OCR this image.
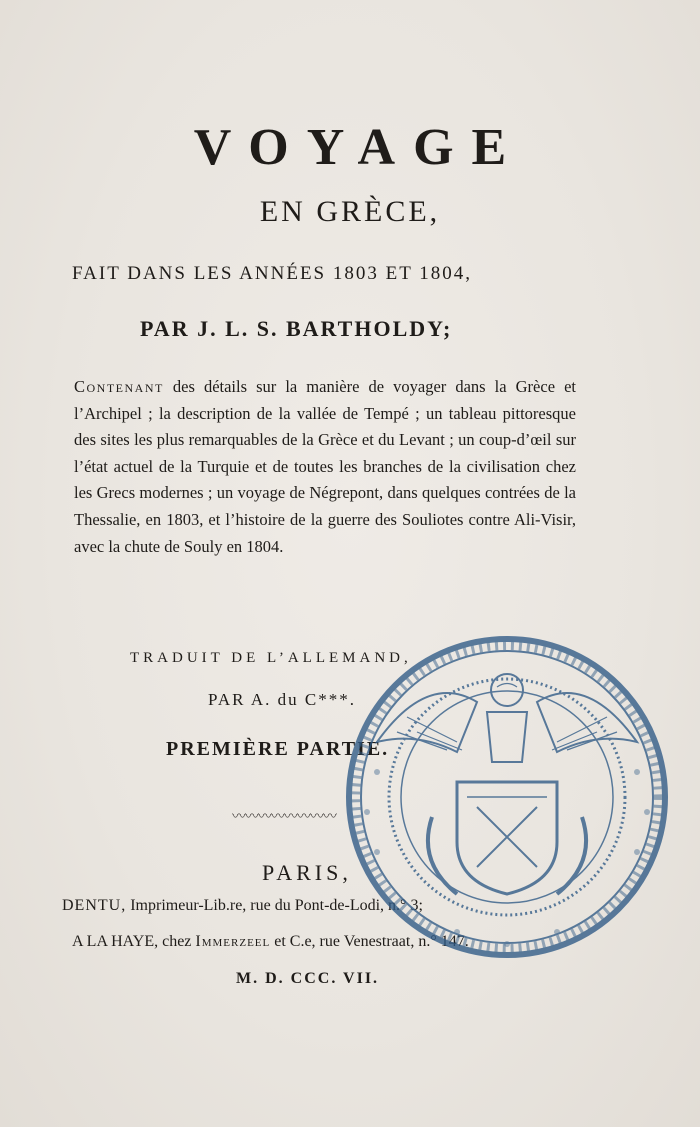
VOYAGE
EN GRÈCE,
FAIT DANS LES ANNÉES 1803 ET 1804,
PAR J. L. S. BARTHOLDY;
Contenant des détails sur la manière de voyager dans la Grèce et l’Archipel ; la description de la vallée de Tempé ; un tableau pittoresque des sites les plus remarquables de la Grèce et du Levant ; un coup-d’œil sur l’état actuel de la Turquie et de toutes les branches de la civilisation chez les Grecs modernes ; un voyage de Négrepont, dans quelques contrées de la Thessalie, en 1803, et l’histoire de la guerre des Souliotes contre Ali-Visir, avec la chute de Souly en 1804.
TRADUIT DE L’ALLEMAND,
PAR A. du C***.
PREMIÈRE PARTIE.
〰〰〰〰〰〰〰〰
PARIS,
DENTU, Imprimeur-Lib.re, rue du Pont-de-Lodi, n.° 3;
A LA HAYE, chez Immerzeel et C.e, rue Venestraat, n.° 147.
M. D. CCC. VII.
